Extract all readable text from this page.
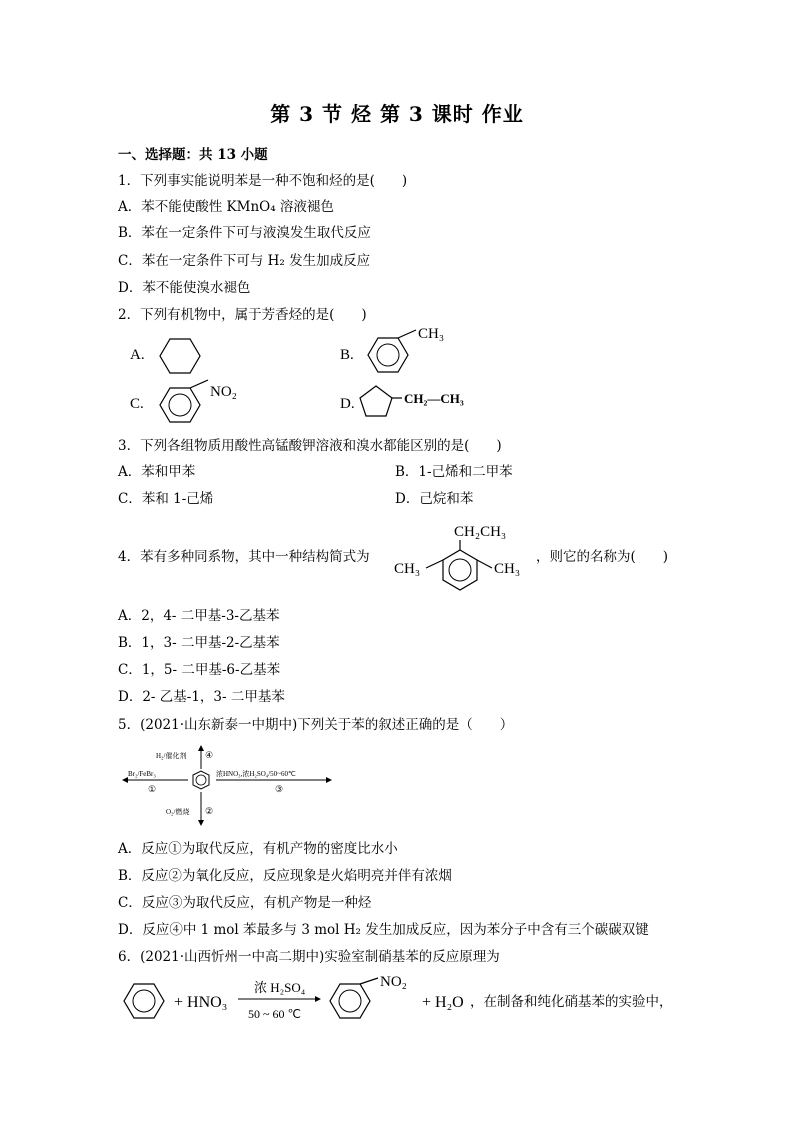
第 3 节 烃 第 3 课时 作业
一、选择题：共 13 小题
1．下列事实能说明苯是一种不饱和烃的是(　　)
A．苯不能使酸性 KMnO₄ 溶液褪色
B．苯在一定条件下可与液溴发生取代反应
C．苯在一定条件下可与 H₂ 发生加成反应
D．苯不能使溴水褪色
2．下列有机物中，属于芳香烃的是(　　)
A.	B.
CH₃
C.
NO₂
D.	CH₂—CH₃
3．下列各组物质用酸性高锰酸钾溶液和溴水都能区别的是(　　)
A．苯和甲苯	B．1-己烯和二甲苯
C．苯和 1-己烯	D．己烷和苯
4．苯有多种同系物，其中一种结构简式为
CH₂CH₃
CH₃	CH₃
，则它的名称为(　　)
A．2，4- 二甲基-3-乙基苯
B．1，3- 二甲基-2-乙基苯
C．1，5- 二甲基-6-乙基苯
D．2- 乙基-1，3- 二甲基苯
5．(2021·山东新泰一中期中)下列关于苯的叙述正确的是（　　）
H₂/催化剂 ④
Br₂/FeBr₃
①
浓HNO₃,浓H₂SO₄/50~60℃
③
O₂/燃烧 ②
A．反应①为取代反应，有机产物的密度比水小
B．反应②为氧化反应，反应现象是火焰明亮并伴有浓烟
C．反应③为取代反应，有机产物是一种烃
D．反应④中 1 mol 苯最多与 3 mol H₂ 发生加成反应，因为苯分子中含有三个碳碳双键
6．(2021·山西忻州一中高二期中)实验室制硝基苯的反应原理为
+ HNO₃
浓 H₂SO₄
50 ~ 60 ℃
NO₂
+ H₂O ，在制备和纯化硝基苯的实验中，
